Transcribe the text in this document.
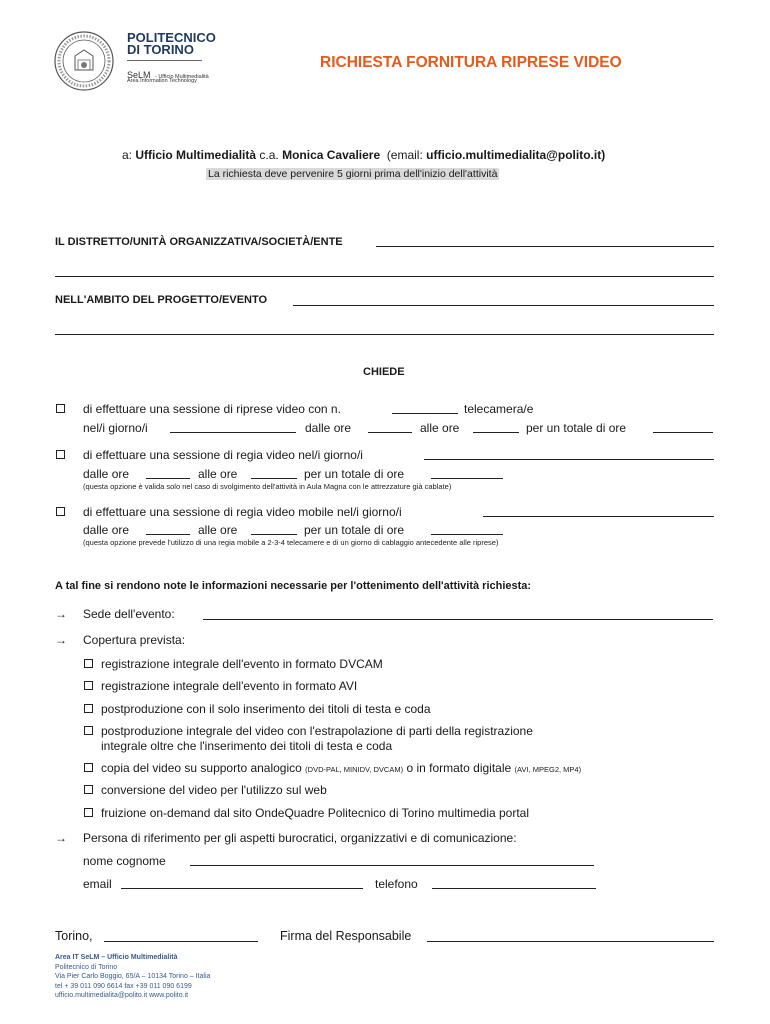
POLITECNICO
DI TORINO
SeLM - Ufficio Multimedialità
Area Information Technology
RICHIESTA FORNITURA RIPRESE VIDEO
a: Ufficio Multimedialità c.a. Monica Cavaliere (email: ufficio.multimedialita@polito.it)
La richiesta deve pervenire 5 giorni prima dell'inizio dell'attività
IL DISTRETTO/UNITÀ ORGANIZZATIVA/SOCIETÀ/ENTE
NELL'AMBITO DEL PROGETTO/EVENTO
CHIEDE
di effettuare una sessione di riprese video con n.	telecamera/e
nel/i giorno/i	dalle ore	alle ore	per un totale di ore
di effettuare una sessione di regia video nel/i giorno/i
dalle ore	alle ore	per un totale di ore
(questa opzione è valida solo nel caso di svolgimento dell'attività in Aula Magna con le attrezzature già cablate)
di effettuare una sessione di regia video mobile nel/i giorno/i
dalle ore	alle ore	per un totale di ore
(questa opzione prevede l'utilizzo di una regia mobile a 2-3-4 telecamere e di un giorno di cablaggio antecedente alle riprese)
A tal fine si rendono note le informazioni necessarie per l'ottenimento dell'attività richiesta:
→ Sede dell'evento:
→ Copertura prevista:
registrazione integrale dell'evento in formato DVCAM
registrazione integrale dell'evento in formato AVI
postproduzione con il solo inserimento dei titoli di testa e coda
postproduzione integrale del video con l'estrapolazione di parti della registrazione
integrale oltre che l'inserimento dei titoli di testa e coda
copia del video su supporto analogico (DVD-PAL, MINIDV, DVCAM) o in formato digitale (AVI, MPEG2, MP4)
conversione del video per l'utilizzo sul web
fruizione on-demand dal sito OndeQuadre Politecnico di Torino multimedia portal
→ Persona di riferimento per gli aspetti burocratici, organizzativi e di comunicazione:
nome cognome
email	telefono
Torino,	Firma del Responsabile
Area IT SeLM – Ufficio Multimedialità
Politecnico di Torino
Via Pier Carlo Boggio, 65/A – 10134 Torino – Italia
tel + 39 011 090 6614 fax +39 011 090 6199
ufficio.multimedialita@polito.it www.polito.it
